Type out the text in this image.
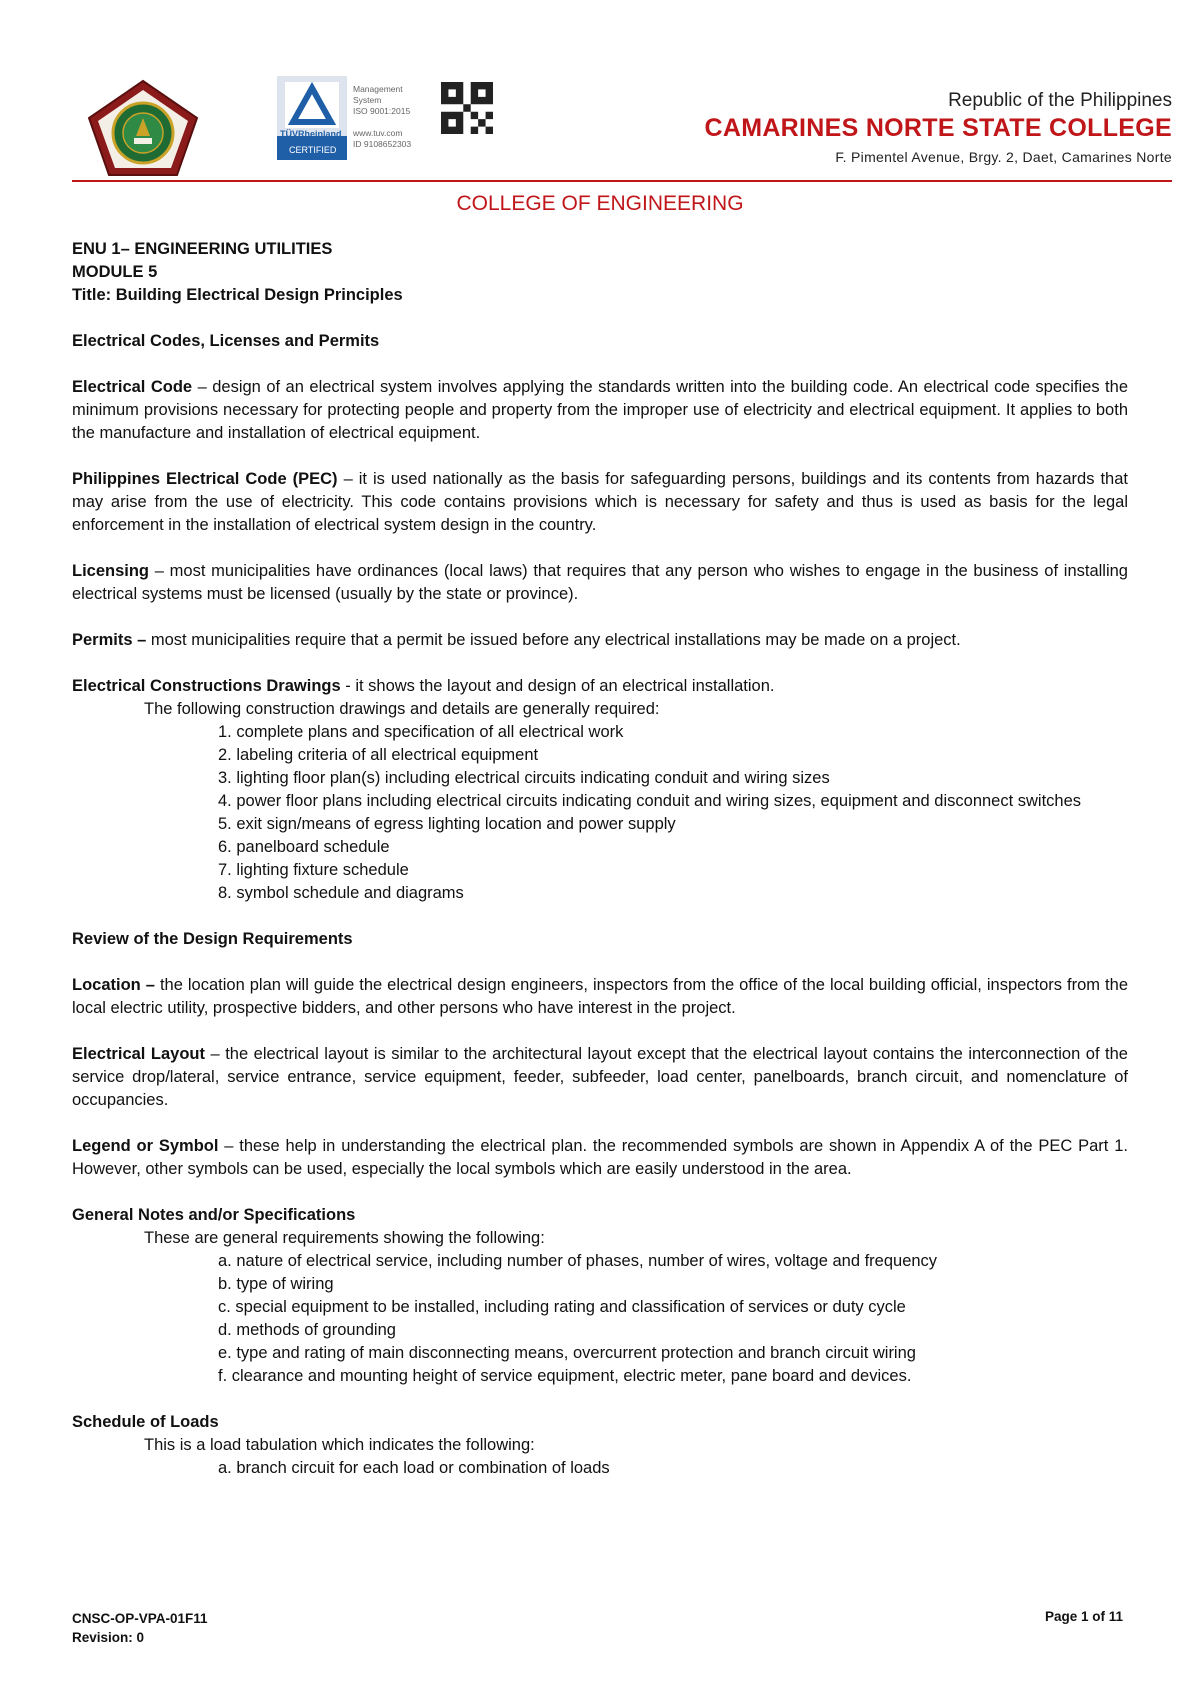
TÜVRheinland
CERTIFIED
Management
System
ISO 9001:2015

www.tuv.com
ID 9108652303
Republic of the Philippines
CAMARINES NORTE STATE COLLEGE
F. Pimentel Avenue, Brgy. 2, Daet, Camarines Norte
COLLEGE OF ENGINEERING

ENU 1– ENGINEERING UTILITIES

MODULE 5

Title: Building Electrical Design Principles

Electrical Codes, Licenses and Permits

Electrical Code – design of an electrical system involves applying the standards written into the building code. An electrical code specifies the minimum provisions necessary for protecting people and property from the improper use of electricity and electrical equipment. It applies to both the manufacture and installation of electrical equipment.

Philippines Electrical Code (PEC) – it is used nationally as the basis for safeguarding persons, buildings and its contents from hazards that may arise from the use of electricity. This code contains provisions which is necessary for safety and thus is used as basis for the legal enforcement in the installation of electrical system design in the country.

Licensing – most municipalities have ordinances (local laws) that requires that any person who wishes to engage in the business of installing electrical systems must be licensed (usually by the state or province).

Permits – most municipalities require that a permit be issued before any electrical installations may be made on a project.

Electrical Constructions Drawings - it shows the layout and design of an electrical installation.

The following construction drawings and details are generally required:

1. complete plans and specification of all electrical work
2. labeling criteria of all electrical equipment
3. lighting floor plan(s) including electrical circuits indicating conduit and wiring sizes
4. power floor plans including electrical circuits indicating conduit and wiring sizes, equipment and disconnect switches
5. exit sign/means of egress lighting location and power supply
6. panelboard schedule
7. lighting fixture schedule
8. symbol schedule and diagrams

Review of the Design Requirements

Location – the location plan will guide the electrical design engineers, inspectors from the office of the local building official, inspectors from the local electric utility, prospective bidders, and other persons who have interest in the project.

Electrical Layout – the electrical layout is similar to the architectural layout except that the electrical layout contains the interconnection of the service drop/lateral, service entrance, service equipment, feeder, subfeeder, load center, panelboards, branch circuit, and nomenclature of occupancies.

Legend or Symbol – these help in understanding the electrical plan. the recommended symbols are shown in Appendix A of the PEC Part 1. However, other symbols can be used, especially the local symbols which are easily understood in the area.

General Notes and/or Specifications

These are general requirements showing the following:

a. nature of electrical service, including number of phases, number of wires, voltage and frequency
b. type of wiring
c. special equipment to be installed, including rating and classification of services or duty cycle
d. methods of grounding
e. type and rating of main disconnecting means, overcurrent protection and branch circuit wiring
f. clearance and mounting height of service equipment, electric meter, pane board and devices.

Schedule of Loads

This is a load tabulation which indicates the following:

a. branch circuit for each load or combination of loads
CNSC-OP-VPA-01F11
Revision: 0
Page 1 of 11
